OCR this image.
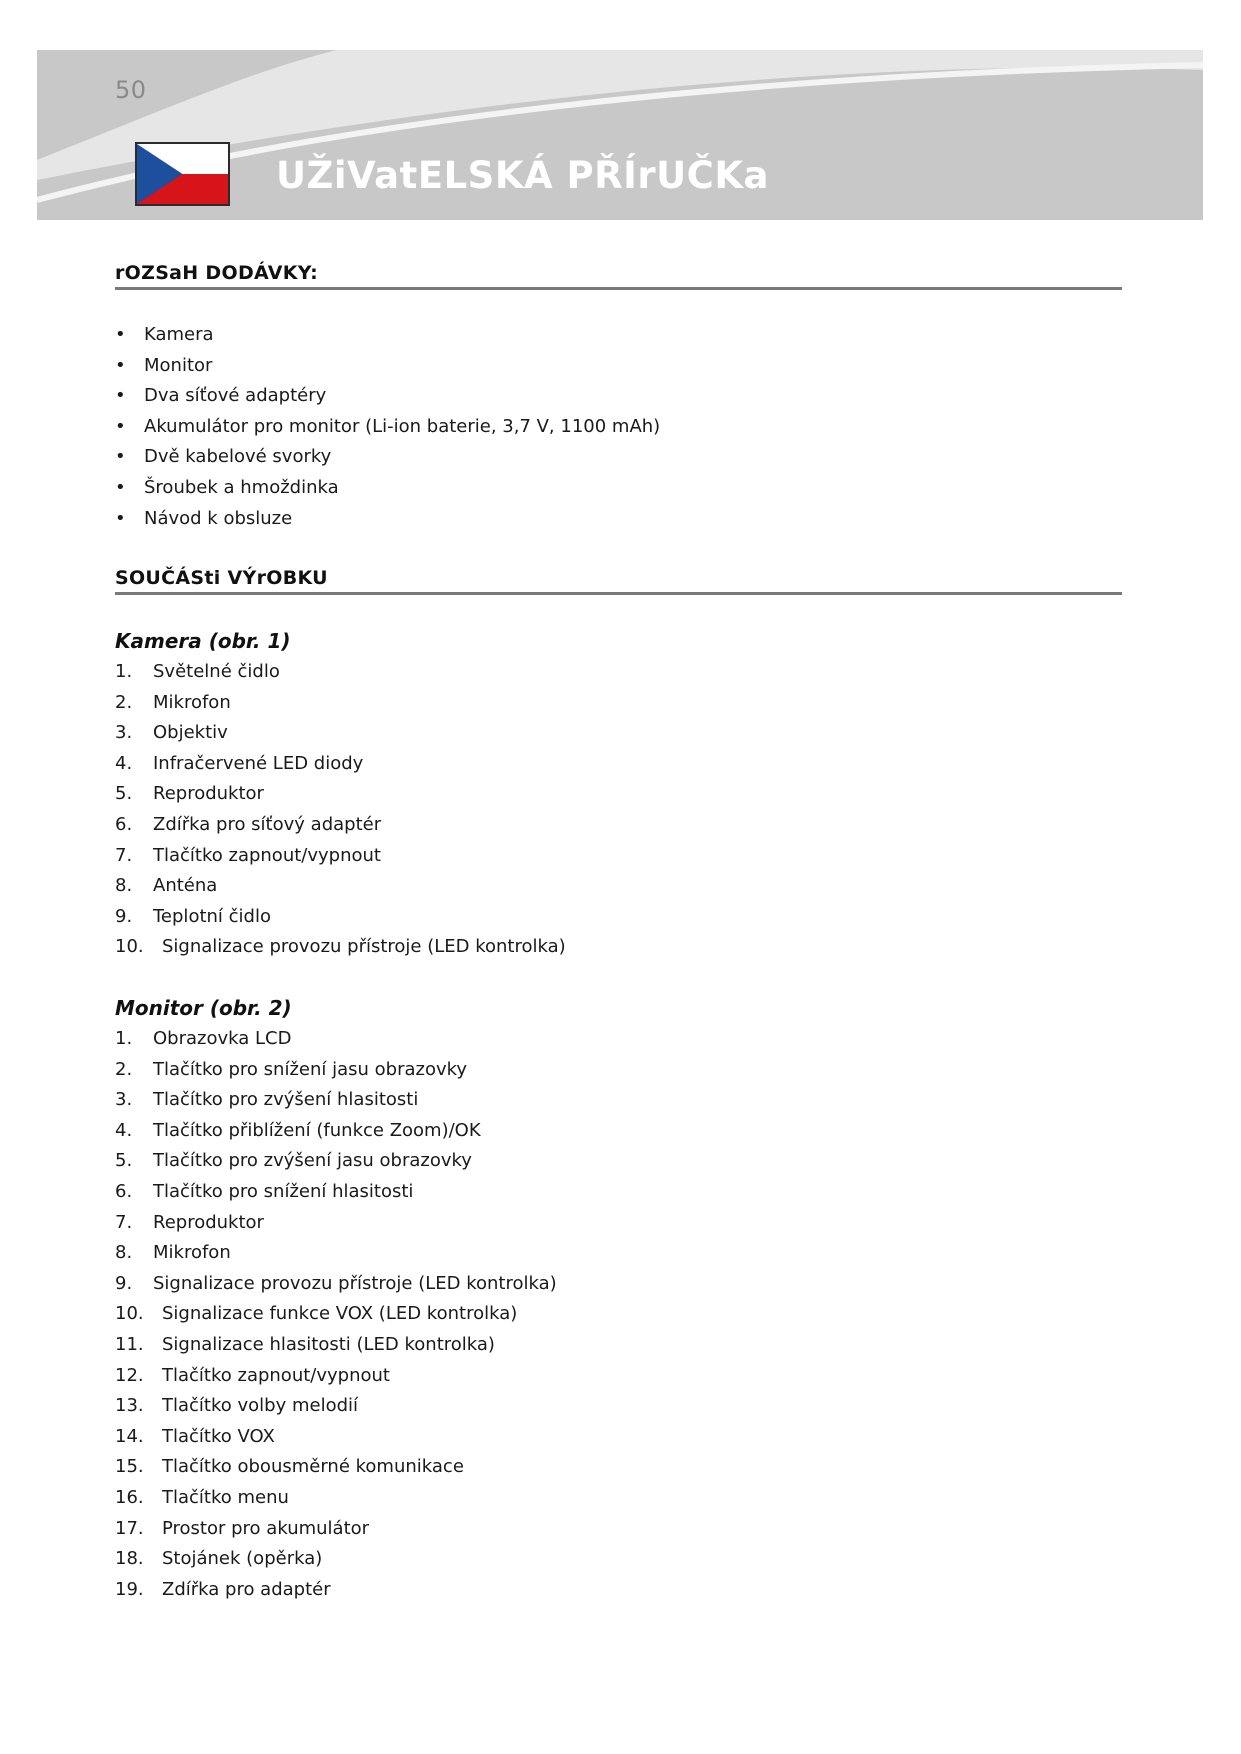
50
UŽiVatELSKÁ PŘÍrUČKa
rOZSaH DODÁVKY:
•	Kamera
•	Monitor
•	Dva síťové adaptéry
•	Akumulátor pro monitor (Li-ion baterie, 3,7 V, 1100 mAh)
•	Dvě kabelové svorky
•	Šroubek a hmoždinka
•	Návod k obsluze
SOUČÁSti VÝrOBKU
Kamera (obr. 1)
1. Světelné čidlo
2. Mikrofon
3. Objektiv
4. Infračervené LED diody
5. Reproduktor
6. Zdířka pro síťový adaptér
7. Tlačítko zapnout/vypnout
8. Anténa
9. Teplotní čidlo
10. Signalizace provozu přístroje (LED kontrolka)
Monitor (obr. 2)
1. Obrazovka LCD
2. Tlačítko pro snížení jasu obrazovky
3. Tlačítko pro zvýšení hlasitosti
4. Tlačítko přiblížení (funkce Zoom)/OK
5. Tlačítko pro zvýšení jasu obrazovky
6. Tlačítko pro snížení hlasitosti
7. Reproduktor
8. Mikrofon
9. Signalizace provozu přístroje (LED kontrolka)
10. Signalizace funkce VOX (LED kontrolka)
11. Signalizace hlasitosti (LED kontrolka)
12. Tlačítko zapnout/vypnout
13. Tlačítko volby melodií
14. Tlačítko VOX
15. Tlačítko obousměrné komunikace
16. Tlačítko menu
17. Prostor pro akumulátor
18. Stojánek (opěrka)
19. Zdířka pro adaptér
